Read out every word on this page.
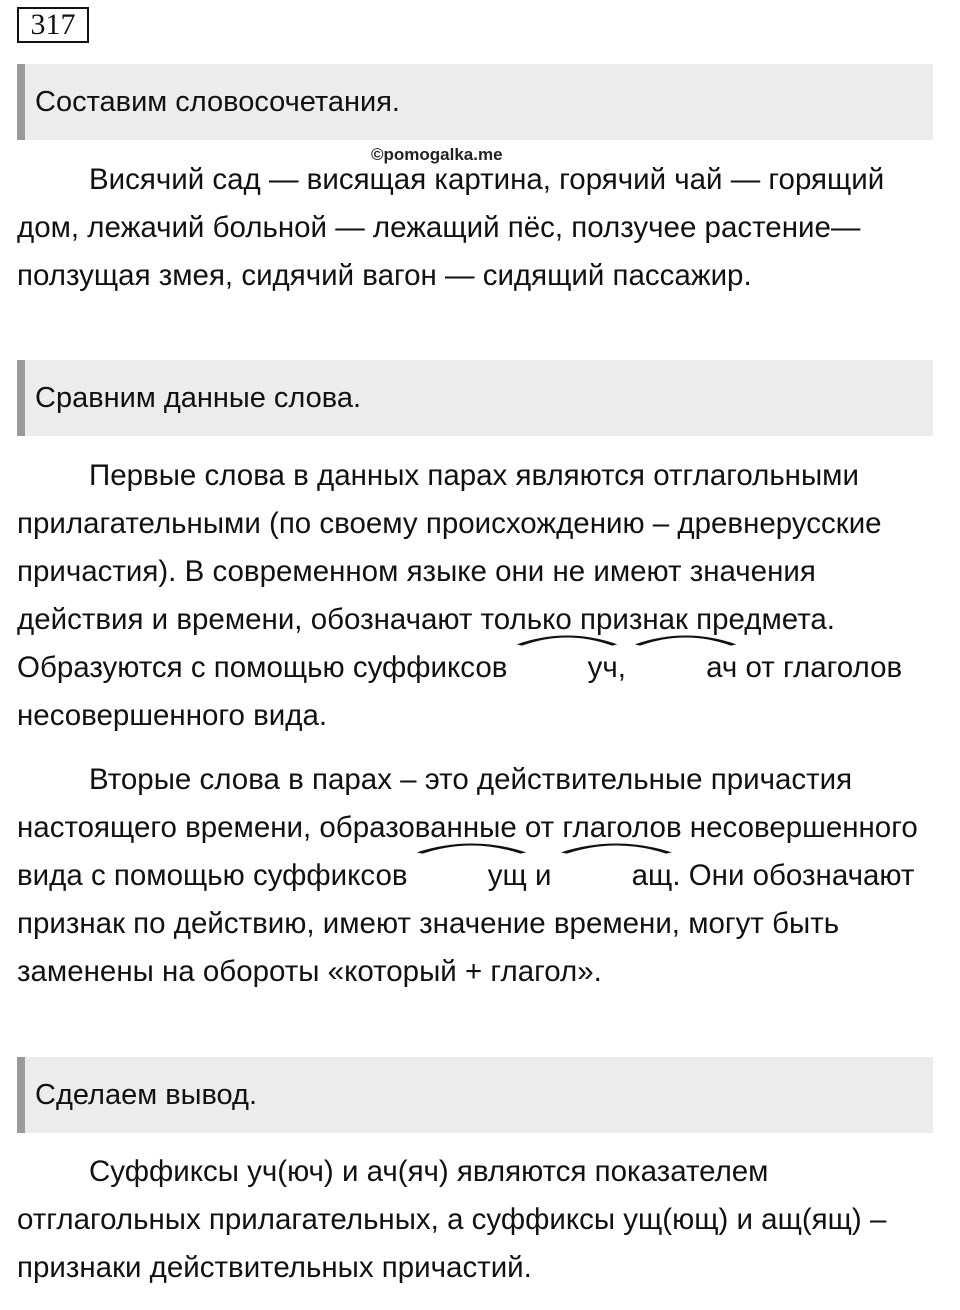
317
Составим словосочетания.
©pomogalka.me

Висячий сад — висящая картина, горячий чай — горящий дом, лежачий больной — лежащий пёс, ползучее растение— ползущая змея, сидячий вагон — сидящий пассажир.

Сравним данные слова.

Первые слова в данных парах являются отглагольными прилагательными (по своему происхождению – древнерусские причастия). В современном языке они не имеют значения действия и времени, обозначают только признак предмета. Образуются с помощью суффиксов
уч,
ач от глаголов несовершенного вида.

Вторые слова в парах – это действительные причастия настоящего времени, образованные от глаголов несовершенного вида с помощью суффиксов
ущ и
ащ. Они обозначают признак по действию, имеют значение времени, могут быть заменены на обороты «который + глагол».

Сделаем вывод.

Суффиксы уч(юч) и ач(яч) являются показателем отглагольных прилагательных, а суффиксы ущ(ющ) и ащ(ящ) – признаки действительных причастий.
